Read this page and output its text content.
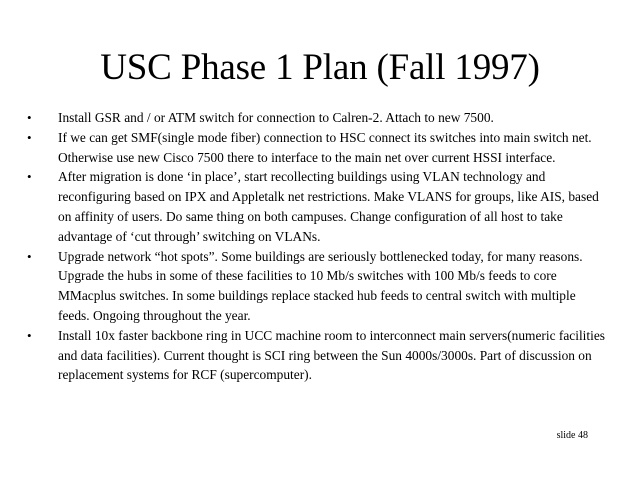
USC Phase 1 Plan (Fall 1997)
• Install GSR and / or ATM switch for connection to Calren-2. Attach to new 7500.
• If we can get SMF(single mode fiber) connection to HSC connect its switches into main switch net. Otherwise use new Cisco 7500 there to interface to the main net over current HSSI interface.
• After migration is done ‘in place’, start recollecting buildings using VLAN technology and reconfiguring based on IPX and Appletalk net restrictions. Make VLANS for groups, like AIS, based on affinity of users. Do same thing on both campuses. Change configuration of all host to take advantage of ‘cut through’ switching on VLANs.
• Upgrade network “hot spots”. Some buildings are seriously bottlenecked today, for many reasons. Upgrade the hubs in some of these facilities to 10 Mb/s switches with 100 Mb/s feeds to core MMacplus switches. In some buildings replace stacked hub feeds to central switch with multiple feeds. Ongoing throughout the year.
• Install 10x faster backbone ring in UCC machine room to interconnect main servers(numeric facilities and data facilities). Current thought is SCI ring between the Sun 4000s/3000s. Part of discussion on replacement systems for RCF (supercomputer).
slide 48
